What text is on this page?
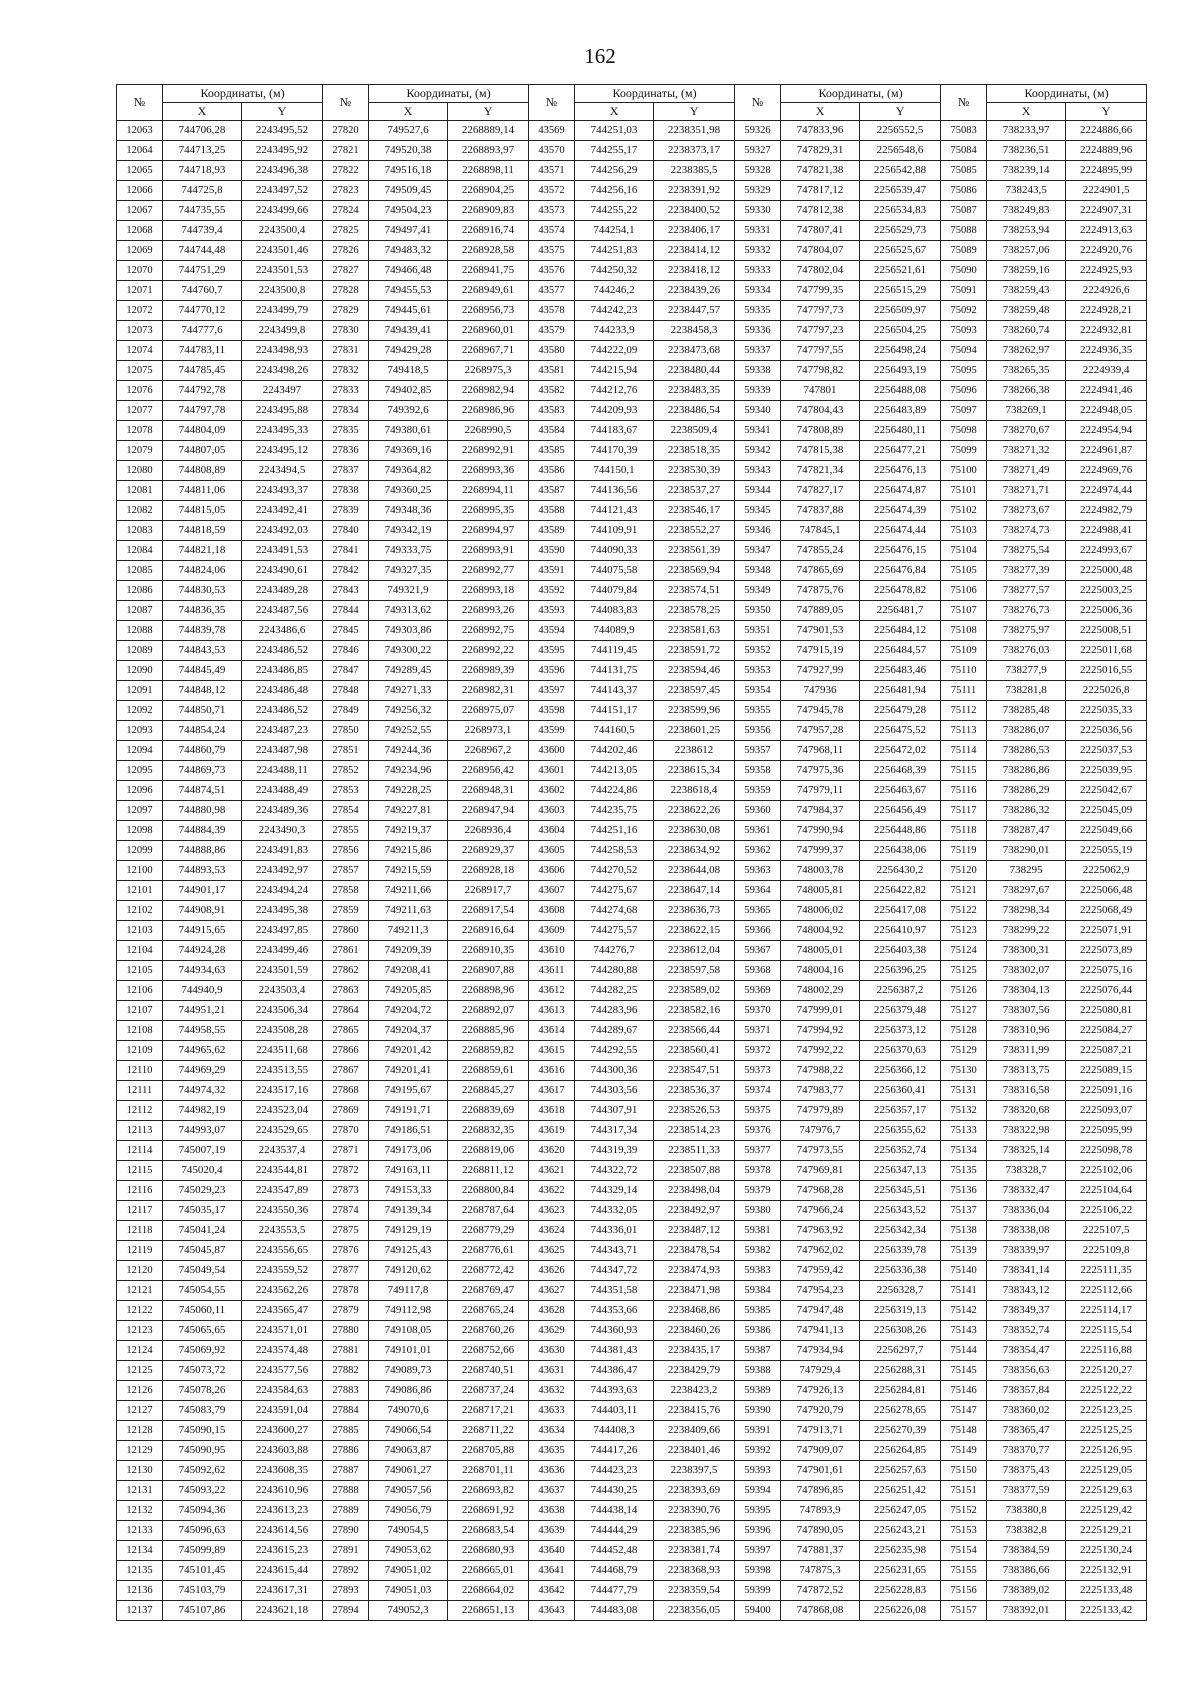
162
№	Координаты, (м)		№	Координаты, (м)		№	Координаты, (м)		№	Координаты, (м)		№	Координаты, (м)	
	X	Y		X	Y		X	Y		X	Y		X	Y
12063	744706,28	2243495,52	27820	749527,6	2268889,14	43569	744251,03	2238351,98	59326	747833,96	2256552,5	75083	738233,97	2224886,66
12064	744713,25	2243495,92	27821	749520,38	2268893,97	43570	744255,17	2238373,17	59327	747829,31	2256548,6	75084	738236,51	2224889,96
12065	744718,93	2243496,38	27822	749516,18	2268898,11	43571	744256,29	2238385,5	59328	747821,38	2256542,88	75085	738239,14	2224895,99
12066	744725,8	2243497,52	27823	749509,45	2268904,25	43572	744256,16	2238391,92	59329	747817,12	2256539,47	75086	738243,5	2224901,5
12067	744735,55	2243499,66	27824	749504,23	2268909,83	43573	744255,22	2238400,52	59330	747812,38	2256534,83	75087	738249,83	2224907,31
12068	744739,4	2243500,4	27825	749497,41	2268916,74	43574	744254,1	2238406,17	59331	747807,41	2256529,73	75088	738253,94	2224913,63
12069	744744,48	2243501,46	27826	749483,32	2268928,58	43575	744251,83	2238414,12	59332	747804,07	2256525,67	75089	738257,06	2224920,76
12070	744751,29	2243501,53	27827	749466,48	2268941,75	43576	744250,32	2238418,12	59333	747802,04	2256521,61	75090	738259,16	2224925,93
12071	744760,7	2243500,8	27828	749455,53	2268949,61	43577	744246,2	2238439,26	59334	747799,35	2256515,29	75091	738259,43	2224926,6
12072	744770,12	2243499,79	27829	749445,61	2268956,73	43578	744242,23	2238447,57	59335	747797,73	2256509,97	75092	738259,48	2224928,21
12073	744777,6	2243499,8	27830	749439,41	2268960,01	43579	744233,9	2238458,3	59336	747797,23	2256504,25	75093	738260,74	2224932,81
12074	744783,11	2243498,93	27831	749429,28	2268967,71	43580	744222,09	2238473,68	59337	747797,55	2256498,24	75094	738262,97	2224936,35
12075	744785,45	2243498,26	27832	749418,5	2268975,3	43581	744215,94	2238480,44	59338	747798,82	2256493,19	75095	738265,35	2224939,4
12076	744792,78	2243497	27833	749402,85	2268982,94	43582	744212,76	2238483,35	59339	747801	2256488,08	75096	738266,38	2224941,46
12077	744797,78	2243495,88	27834	749392,6	2268986,96	43583	744209,93	2238486,54	59340	747804,43	2256483,89	75097	738269,1	2224948,05
12078	744804,09	2243495,33	27835	749380,61	2268990,5	43584	744183,67	2238509,4	59341	747808,89	2256480,11	75098	738270,67	2224954,94
12079	744807,05	2243495,12	27836	749369,16	2268992,91	43585	744170,39	2238518,35	59342	747815,38	2256477,21	75099	738271,32	2224961,87
12080	744808,89	2243494,5	27837	749364,82	2268993,36	43586	744150,1	2238530,39	59343	747821,34	2256476,13	75100	738271,49	2224969,76
12081	744811,06	2243493,37	27838	749360,25	2268994,11	43587	744136,56	2238537,27	59344	747827,17	2256474,87	75101	738271,71	2224974,44
12082	744815,05	2243492,41	27839	749348,36	2268995,35	43588	744121,43	2238546,17	59345	747837,88	2256474,39	75102	738273,67	2224982,79
12083	744818,59	2243492,03	27840	749342,19	2268994,97	43589	744109,91	2238552,27	59346	747845,1	2256474,44	75103	738274,73	2224988,41
12084	744821,18	2243491,53	27841	749333,75	2268993,91	43590	744090,33	2238561,39	59347	747855,24	2256476,15	75104	738275,54	2224993,67
12085	744824,06	2243490,61	27842	749327,35	2268992,77	43591	744075,58	2238569,94	59348	747865,69	2256476,84	75105	738277,39	2225000,48
12086	744830,53	2243489,28	27843	749321,9	2268993,18	43592	744079,84	2238574,51	59349	747875,76	2256478,82	75106	738277,57	2225003,25
12087	744836,35	2243487,56	27844	749313,62	2268993,26	43593	744083,83	2238578,25	59350	747889,05	2256481,7	75107	738276,73	2225006,36
12088	744839,78	2243486,6	27845	749303,86	2268992,75	43594	744089,9	2238581,63	59351	747901,53	2256484,12	75108	738275,97	2225008,51
12089	744843,53	2243486,52	27846	749300,22	2268992,22	43595	744119,45	2238591,72	59352	747915,19	2256484,57	75109	738276,03	2225011,68
12090	744845,49	2243486,85	27847	749289,45	2268989,39	43596	744131,75	2238594,46	59353	747927,99	2256483,46	75110	738277,9	2225016,55
12091	744848,12	2243486,48	27848	749271,33	2268982,31	43597	744143,37	2238597,45	59354	747936	2256481,94	75111	738281,8	2225026,8
12092	744850,71	2243486,52	27849	749256,32	2268975,07	43598	744151,17	2238599,96	59355	747945,78	2256479,28	75112	738285,48	2225035,33
12093	744854,24	2243487,23	27850	749252,55	2268973,1	43599	744160,5	2238601,25	59356	747957,28	2256475,52	75113	738286,07	2225036,56
12094	744860,79	2243487,98	27851	749244,36	2268967,2	43600	744202,46	2238612	59357	747968,11	2256472,02	75114	738286,53	2225037,53
12095	744869,73	2243488,11	27852	749234,96	2268956,42	43601	744213,05	2238615,34	59358	747975,36	2256468,39	75115	738286,86	2225039,95
12096	744874,51	2243488,49	27853	749228,25	2268948,31	43602	744224,86	2238618,4	59359	747979,11	2256463,67	75116	738286,29	2225042,67
12097	744880,98	2243489,36	27854	749227,81	2268947,94	43603	744235,75	2238622,26	59360	747984,37	2256456,49	75117	738286,32	2225045,09
12098	744884,39	2243490,3	27855	749219,37	2268936,4	43604	744251,16	2238630,08	59361	747990,94	2256448,86	75118	738287,47	2225049,66
12099	744888,86	2243491,83	27856	749215,86	2268929,37	43605	744258,53	2238634,92	59362	747999,37	2256438,06	75119	738290,01	2225055,19
12100	744893,53	2243492,97	27857	749215,59	2268928,18	43606	744270,52	2238644,08	59363	748003,78	2256430,2	75120	738295	2225062,9
12101	744901,17	2243494,24	27858	749211,66	2268917,7	43607	744275,67	2238647,14	59364	748005,81	2256422,82	75121	738297,67	2225066,48
12102	744908,91	2243495,38	27859	749211,63	2268917,54	43608	744274,68	2238636,73	59365	748006,02	2256417,08	75122	738298,34	2225068,49
12103	744915,65	2243497,85	27860	749211,3	2268916,64	43609	744275,57	2238622,15	59366	748004,92	2256410,97	75123	738299,22	2225071,91
12104	744924,28	2243499,46	27861	749209,39	2268910,35	43610	744276,7	2238612,04	59367	748005,01	2256403,38	75124	738300,31	2225073,89
12105	744934,63	2243501,59	27862	749208,41	2268907,88	43611	744280,88	2238597,58	59368	748004,16	2256396,25	75125	738302,07	2225075,16
12106	744940,9	2243503,4	27863	749205,85	2268898,96	43612	744282,25	2238589,02	59369	748002,29	2256387,2	75126	738304,13	2225076,44
12107	744951,21	2243506,34	27864	749204,72	2268892,07	43613	744283,96	2238582,16	59370	747999,01	2256379,48	75127	738307,56	2225080,81
12108	744958,55	2243508,28	27865	749204,37	2268885,96	43614	744289,67	2238566,44	59371	747994,92	2256373,12	75128	738310,96	2225084,27
12109	744965,62	2243511,68	27866	749201,42	2268859,82	43615	744292,55	2238560,41	59372	747992,22	2256370,63	75129	738311,99	2225087,21
12110	744969,29	2243513,55	27867	749201,41	2268859,61	43616	744300,36	2238547,51	59373	747988,22	2256366,12	75130	738313,75	2225089,15
12111	744974,32	2243517,16	27868	749195,67	2268845,27	43617	744303,56	2238536,37	59374	747983,77	2256360,41	75131	738316,58	2225091,16
12112	744982,19	2243523,04	27869	749191,71	2268839,69	43618	744307,91	2238526,53	59375	747979,89	2256357,17	75132	738320,68	2225093,07
12113	744993,07	2243529,65	27870	749186,51	2268832,35	43619	744317,34	2238514,23	59376	747976,7	2256355,62	75133	738322,98	2225095,99
12114	745007,19	2243537,4	27871	749173,06	2268819,06	43620	744319,39	2238511,33	59377	747973,55	2256352,74	75134	738325,14	2225098,78
12115	745020,4	2243544,81	27872	749163,11	2268811,12	43621	744322,72	2238507,88	59378	747969,81	2256347,13	75135	738328,7	2225102,06
12116	745029,23	2243547,89	27873	749153,33	2268800,84	43622	744329,14	2238498,04	59379	747968,28	2256345,51	75136	738332,47	2225104,64
12117	745035,17	2243550,36	27874	749139,34	2268787,64	43623	744332,05	2238492,97	59380	747966,24	2256343,52	75137	738336,04	2225106,22
12118	745041,24	2243553,5	27875	749129,19	2268779,29	43624	744336,01	2238487,12	59381	747963,92	2256342,34	75138	738338,08	2225107,5
12119	745045,87	2243556,65	27876	749125,43	2268776,61	43625	744343,71	2238478,54	59382	747962,02	2256339,78	75139	738339,97	2225109,8
12120	745049,54	2243559,52	27877	749120,62	2268772,42	43626	744347,72	2238474,93	59383	747959,42	2256336,38	75140	738341,14	2225111,35
12121	745054,55	2243562,26	27878	749117,8	2268769,47	43627	744351,58	2238471,98	59384	747954,23	2256328,7	75141	738343,12	2225112,66
12122	745060,11	2243565,47	27879	749112,98	2268765,24	43628	744353,66	2238468,86	59385	747947,48	2256319,13	75142	738349,37	2225114,17
12123	745065,65	2243571,01	27880	749108,05	2268760,26	43629	744360,93	2238460,26	59386	747941,13	2256308,26	75143	738352,74	2225115,54
12124	745069,92	2243574,48	27881	749101,01	2268752,66	43630	744381,43	2238435,17	59387	747934,94	2256297,7	75144	738354,47	2225116,88
12125	745073,72	2243577,56	27882	749089,73	2268740,51	43631	744386,47	2238429,79	59388	747929,4	2256288,31	75145	738356,63	2225120,27
12126	745078,26	2243584,63	27883	749086,86	2268737,24	43632	744393,63	2238423,2	59389	747926,13	2256284,81	75146	738357,84	2225122,22
12127	745083,79	2243591,04	27884	749070,6	2268717,21	43633	744403,11	2238415,76	59390	747920,79	2256278,65	75147	738360,02	2225123,25
12128	745090,15	2243600,27	27885	749066,54	2268711,22	43634	744408,3	2238409,66	59391	747913,71	2256270,39	75148	738365,47	2225125,25
12129	745090,95	2243603,88	27886	749063,87	2268705,88	43635	744417,26	2238401,46	59392	747909,07	2256264,85	75149	738370,77	2225126,95
12130	745092,62	2243608,35	27887	749061,27	2268701,11	43636	744423,23	2238397,5	59393	747901,61	2256257,63	75150	738375,43	2225129,05
12131	745093,22	2243610,96	27888	749057,56	2268693,82	43637	744430,25	2238393,69	59394	747896,85	2256251,42	75151	738377,59	2225129,63
12132	745094,36	2243613,23	27889	749056,79	2268691,92	43638	744438,14	2238390,76	59395	747893,9	2256247,05	75152	738380,8	2225129,42
12133	745096,63	2243614,56	27890	749054,5	2268683,54	43639	744444,29	2238385,96	59396	747890,05	2256243,21	75153	738382,8	2225129,21
12134	745099,89	2243615,23	27891	749053,62	2268680,93	43640	744452,48	2238381,74	59397	747881,37	2256235,98	75154	738384,59	2225130,24
12135	745101,45	2243615,44	27892	749051,02	2268665,01	43641	744468,79	2238368,93	59398	747875,3	2256231,65	75155	738386,66	2225132,91
12136	745103,79	2243617,31	27893	749051,03	2268664,02	43642	744477,79	2238359,54	59399	747872,52	2256228,83	75156	738389,02	2225133,48
12137	745107,86	2243621,18	27894	749052,3	2268651,13	43643	744483,08	2238356,05	59400	747868,08	2256226,08	75157	738392,01	2225133,42
